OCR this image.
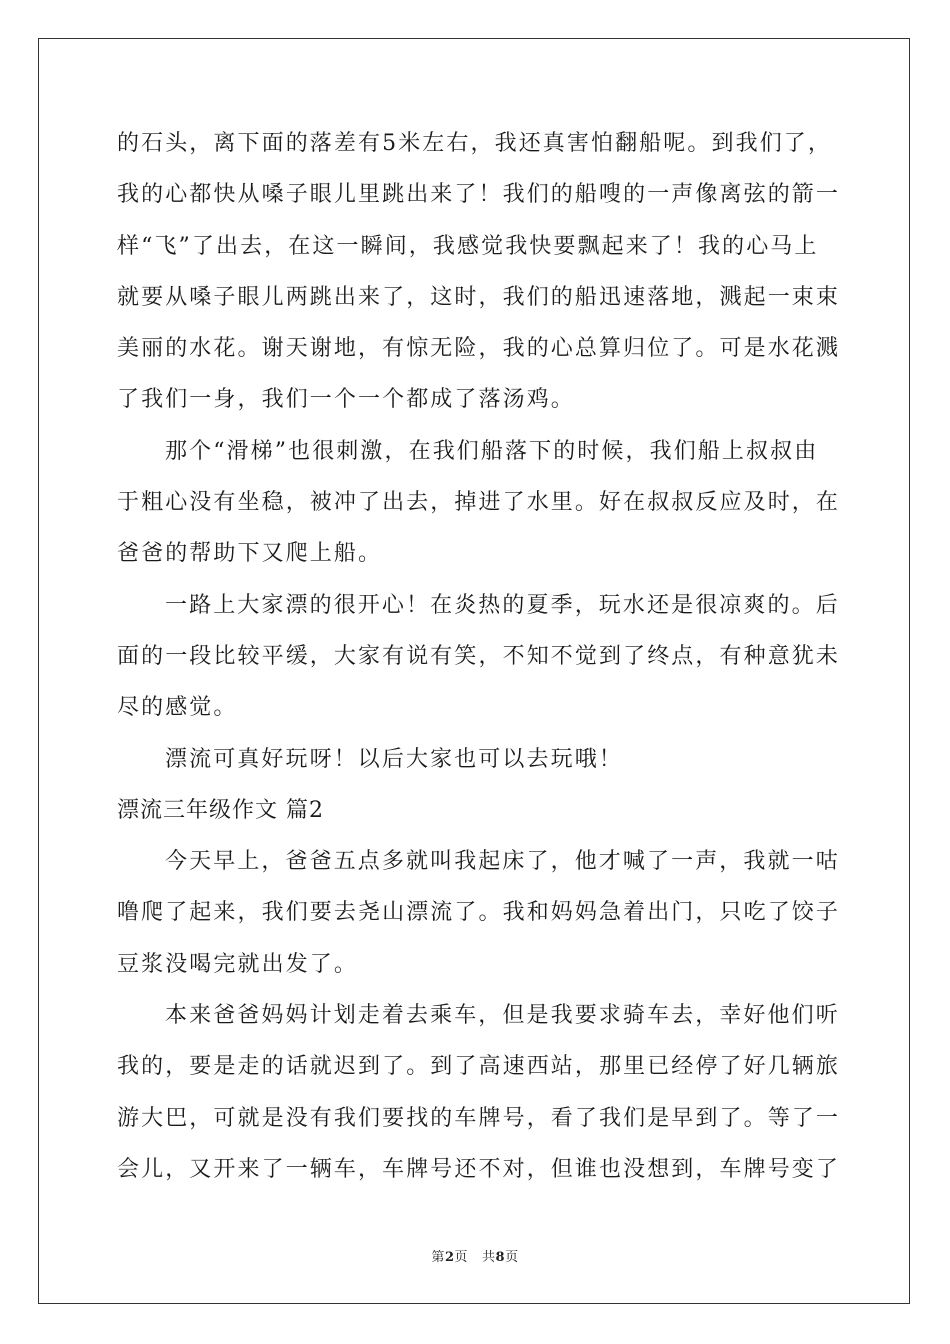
的石头，离下面的落差有5米左右，我还真害怕翻船呢。到我们了，
我的心都快从嗓子眼儿里跳出来了！我们的船嗖的一声像离弦的箭一
样“飞”了出去，在这一瞬间，我感觉我快要飘起来了！我的心马上
就要从嗓子眼儿两跳出来了，这时，我们的船迅速落地，溅起一束束
美丽的水花。谢天谢地，有惊无险，我的心总算归位了。可是水花溅
了我们一身，我们一个一个都成了落汤鸡。
那个“滑梯”也很刺激，在我们船落下的时候，我们船上叔叔由
于粗心没有坐稳，被冲了出去，掉进了水里。好在叔叔反应及时，在
爸爸的帮助下又爬上船。
一路上大家漂的很开心！在炎热的夏季，玩水还是很凉爽的。后
面的一段比较平缓，大家有说有笑，不知不觉到了终点，有种意犹未
尽的感觉。
漂流可真好玩呀！以后大家也可以去玩哦！
漂流三年级作文 篇2
今天早上，爸爸五点多就叫我起床了，他才喊了一声，我就一咕
噜爬了起来，我们要去尧山漂流了。我和妈妈急着出门，只吃了饺子
豆浆没喝完就出发了。
本来爸爸妈妈计划走着去乘车，但是我要求骑车去，幸好他们听
我的，要是走的话就迟到了。到了高速西站，那里已经停了好几辆旅
游大巴，可就是没有我们要找的车牌号，看了我们是早到了。等了一
会儿，又开来了一辆车，车牌号还不对，但谁也没想到，车牌号变了
第2页 共8页
